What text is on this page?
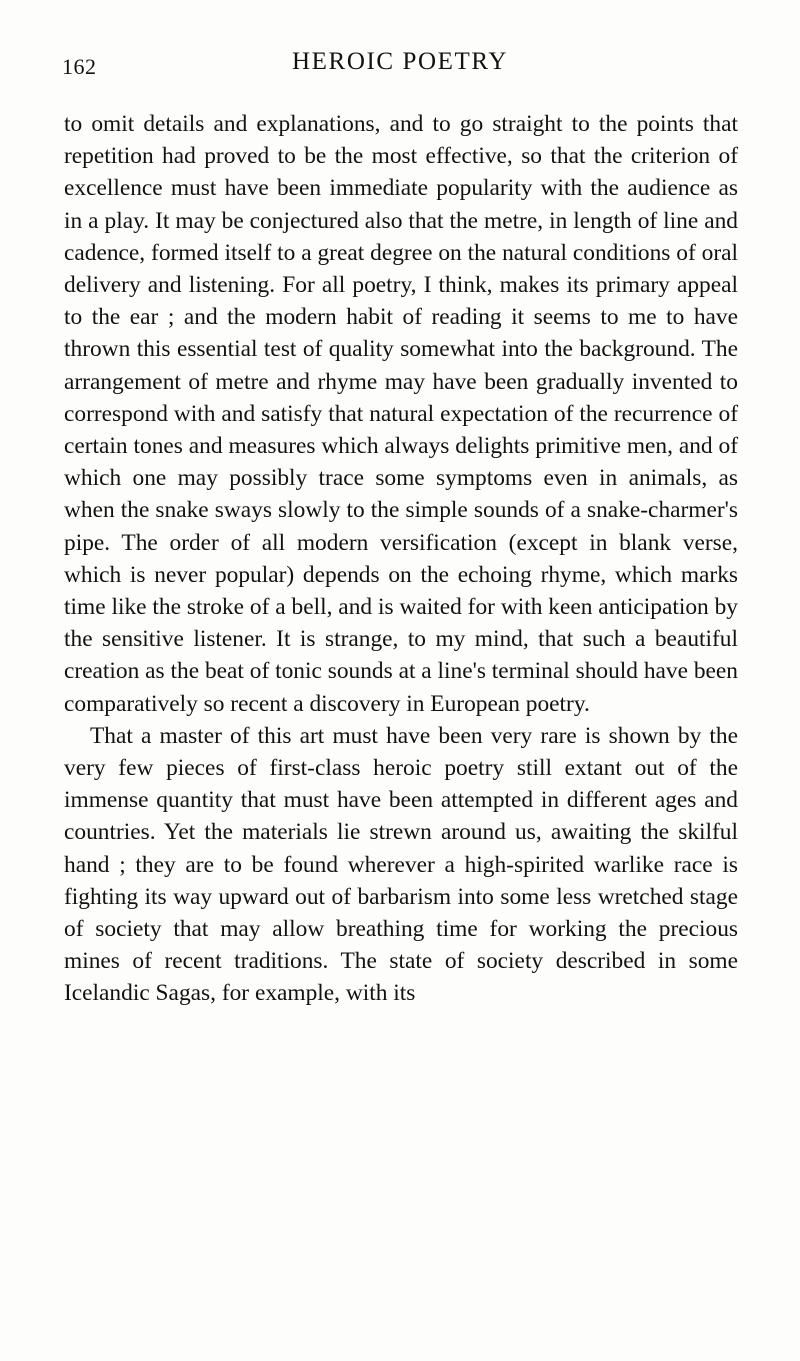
162	HEROIC POETRY

to omit details and explanations, and to go straight to the points that repetition had proved to be the most effective, so that the criterion of excellence must have been immediate popularity with the audience as in a play. It may be conjectured also that the metre, in length of line and cadence, formed itself to a great degree on the natural conditions of oral delivery and listening. For all poetry, I think, makes its primary appeal to the ear ; and the modern habit of reading it seems to me to have thrown this essential test of quality somewhat into the background. The arrangement of metre and rhyme may have been gradually invented to correspond with and satisfy that natural expectation of the recurrence of certain tones and measures which always delights primitive men, and of which one may possibly trace some symptoms even in animals, as when the snake sways slowly to the simple sounds of a snake-charmer's pipe. The order of all modern versification (except in blank verse, which is never popular) depends on the echoing rhyme, which marks time like the stroke of a bell, and is waited for with keen anticipation by the sensitive listener. It is strange, to my mind, that such a beautiful creation as the beat of tonic sounds at a line's terminal should have been comparatively so recent a discovery in European poetry.

That a master of this art must have been very rare is shown by the very few pieces of first-class heroic poetry still extant out of the immense quantity that must have been attempted in different ages and countries. Yet the materials lie strewn around us, awaiting the skilful hand ; they are to be found wherever a high-spirited warlike race is fighting its way upward out of barbarism into some less wretched stage of society that may allow breathing time for working the precious mines of recent traditions. The state of society described in some Icelandic Sagas, for example, with its
